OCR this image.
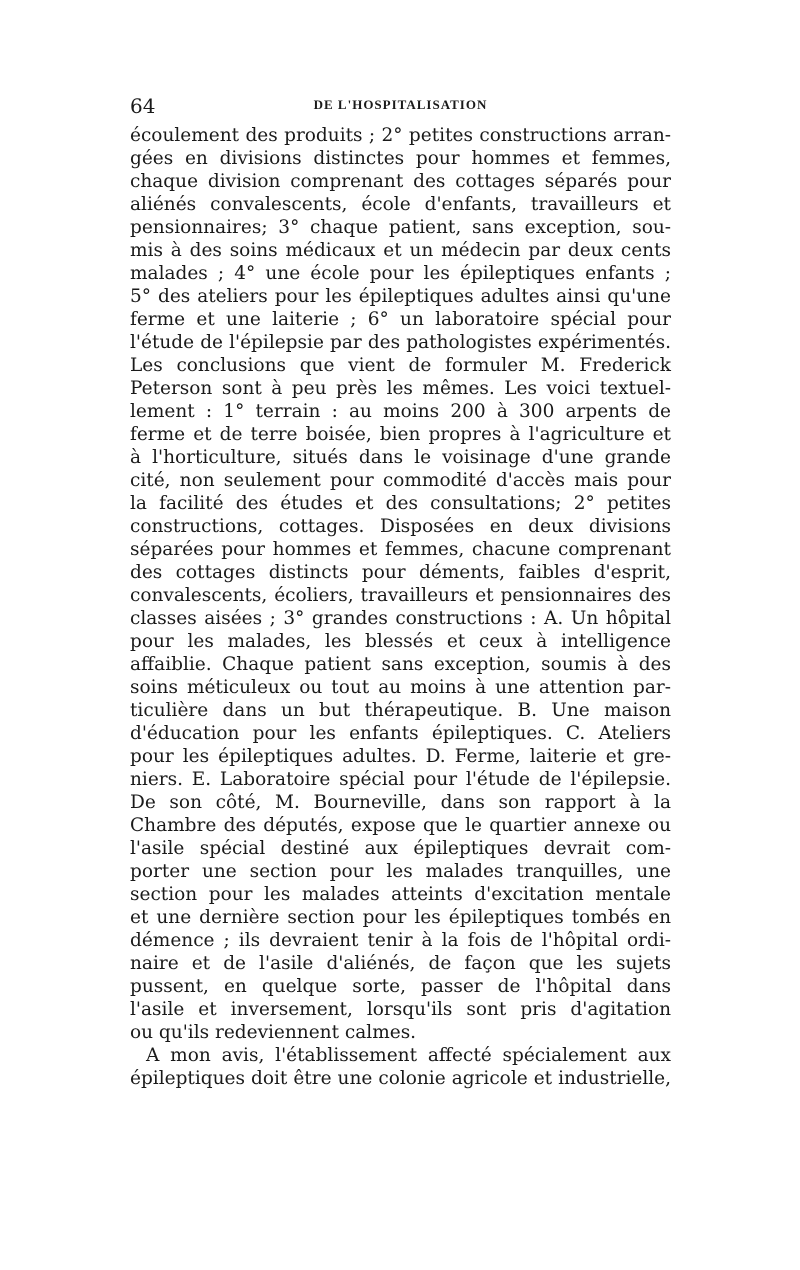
64	DE L'HOSPITALISATION
écoulement des produits ; 2° petites constructions arran-
gées en divisions distinctes pour hommes et femmes,
chaque division comprenant des cottages séparés pour
aliénés convalescents, école d'enfants, travailleurs et
pensionnaires; 3° chaque patient, sans exception, sou-
mis à des soins médicaux et un médecin par deux cents
malades ; 4° une école pour les épileptiques enfants ;
5° des ateliers pour les épileptiques adultes ainsi qu'une
ferme et une laiterie ; 6° un laboratoire spécial pour
l'étude de l'épilepsie par des pathologistes expérimentés.
Les conclusions que vient de formuler M. Frederick
Peterson sont à peu près les mêmes. Les voici textuel-
lement : 1° terrain : au moins 200 à 300 arpents de
ferme et de terre boisée, bien propres à l'agriculture et
à l'horticulture, situés dans le voisinage d'une grande
cité, non seulement pour commodité d'accès mais pour
la facilité des études et des consultations; 2° petites
constructions, cottages. Disposées en deux divisions
séparées pour hommes et femmes, chacune comprenant
des cottages distincts pour déments, faibles d'esprit,
convalescents, écoliers, travailleurs et pensionnaires des
classes aisées ; 3° grandes constructions : A. Un hôpital
pour les malades, les blessés et ceux à intelligence
affaiblie. Chaque patient sans exception, soumis à des
soins méticuleux ou tout au moins à une attention par-
ticulière dans un but thérapeutique. B. Une maison
d'éducation pour les enfants épileptiques. C. Ateliers
pour les épileptiques adultes. D. Ferme, laiterie et gre-
niers. E. Laboratoire spécial pour l'étude de l'épilepsie.
De son côté, M. Bourneville, dans son rapport à la
Chambre des députés, expose que le quartier annexe ou
l'asile spécial destiné aux épileptiques devrait com-
porter une section pour les malades tranquilles, une
section pour les malades atteints d'excitation mentale
et une dernière section pour les épileptiques tombés en
démence ; ils devraient tenir à la fois de l'hôpital ordi-
naire et de l'asile d'aliénés, de façon que les sujets
pussent, en quelque sorte, passer de l'hôpital dans
l'asile et inversement, lorsqu'ils sont pris d'agitation
ou qu'ils redeviennent calmes.
A mon avis, l'établissement affecté spécialement aux
épileptiques doit être une colonie agricole et industrielle,
